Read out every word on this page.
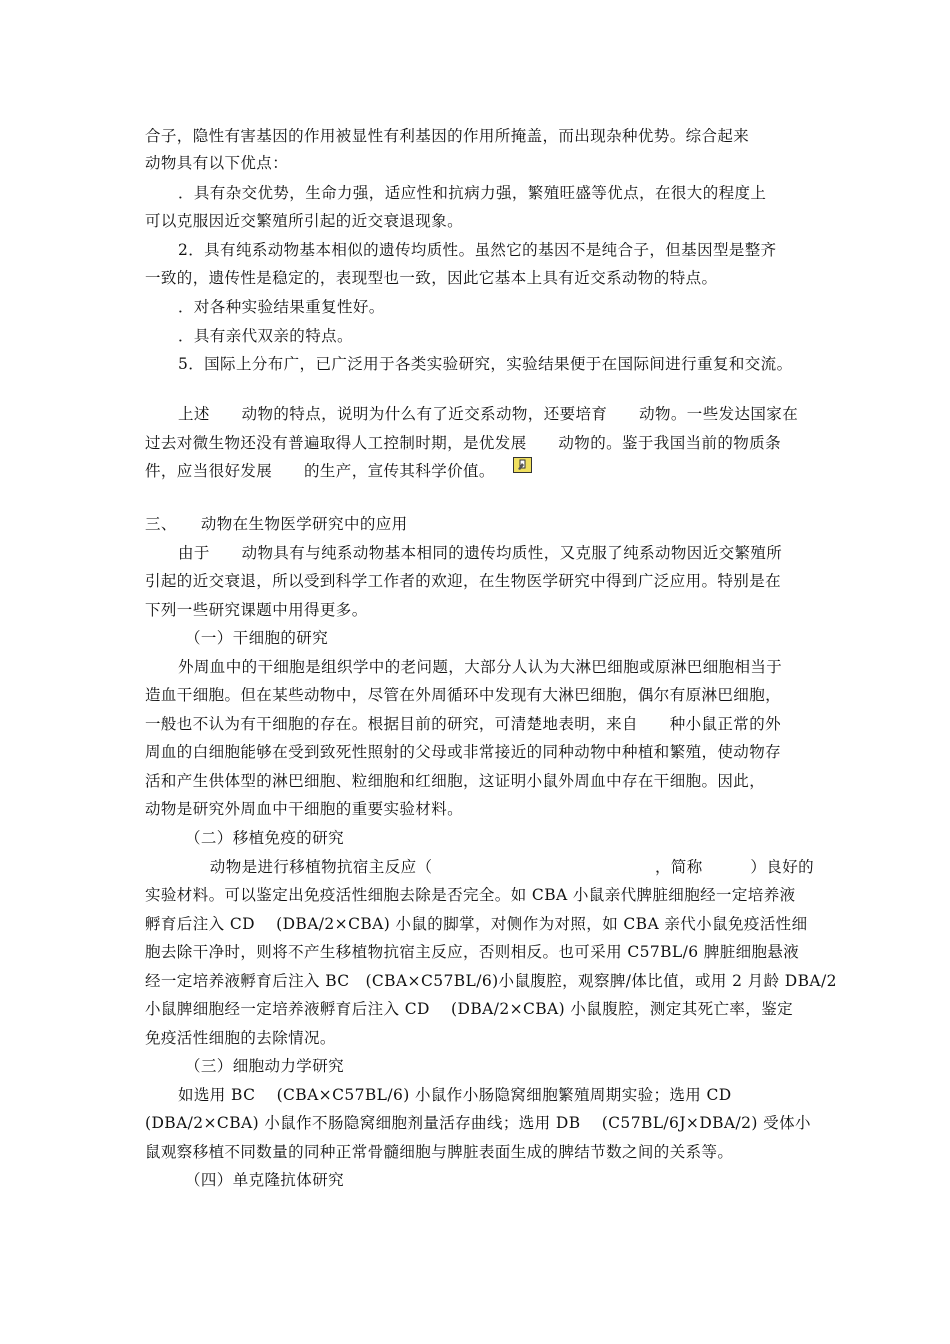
合子，隐性有害基因的作用被显性有利基因的作用所掩盖，而出现杂种优势。综合起来
动物具有以下优点：
．具有杂交优势，生命力强，适应性和抗病力强，繁殖旺盛等优点，在很大的程度上
可以克服因近交繁殖所引起的近交衰退现象。
2．具有纯系动物基本相似的遗传均质性。虽然它的基因不是纯合子，但基因型是整齐
一致的，遗传性是稳定的，表现型也一致，因此它基本上具有近交系动物的特点。
．对各种实验结果重复性好。
．具有亲代双亲的特点。
5．国际上分布广，已广泛用于各类实验研究，实验结果便于在国际间进行重复和交流。
上述　　动物的特点，说明为什么有了近交系动物，还要培育　　动物。一些发达国家在
过去对微生物还没有普遍取得人工控制时期，是优发展　　动物的。鉴于我国当前的物质条
件，应当很好发展　　的生产，宣传其科学价值。
三、　　动物在生物医学研究中的应用
由于　　动物具有与纯系动物基本相同的遗传均质性，又克服了纯系动物因近交繁殖所
引起的近交衰退，所以受到科学工作者的欢迎，在生物医学研究中得到广泛应用。特别是在
下列一些研究课题中用得更多。
（一）干细胞的研究
外周血中的干细胞是组织学中的老问题，大部分人认为大淋巴细胞或原淋巴细胞相当于
造血干细胞。但在某些动物中，尽管在外周循环中发现有大淋巴细胞，偶尔有原淋巴细胞，
一般也不认为有干细胞的存在。根据目前的研究，可清楚地表明，来自　　种小鼠正常的外
周血的白细胞能够在受到致死性照射的父母或非常接近的同种动物中种植和繁殖，使动物存
活和产生供体型的淋巴细胞、粒细胞和红细胞，这证明小鼠外周血中存在干细胞。因此，
动物是研究外周血中干细胞的重要实验材料。
（二）移植免疫的研究
　　动物是进行移植物抗宿主反应（　　　　　　　　　　　　　　，简称　　　）良好的
实验材料。可以鉴定出免疫活性细胞去除是否完全。如 CBA 小鼠亲代脾脏细胞经一定培养液
孵育后注入 CD　 (DBA/2×CBA) 小鼠的脚掌，对侧作为对照，如 CBA 亲代小鼠免疫活性细
胞去除干净时，则将不产生移植物抗宿主反应，否则相反。也可采用 C57BL/6 脾脏细胞悬液
经一定培养液孵育后注入 BC　(CBA×C57BL/6)小鼠腹腔，观察脾/体比值，或用 2 月龄 DBA/2
小鼠脾细胞经一定培养液孵育后注入 CD　 (DBA/2×CBA) 小鼠腹腔，测定其死亡率，鉴定
免疫活性细胞的去除情况。
（三）细胞动力学研究
如选用 BC　 (CBA×C57BL/6) 小鼠作小肠隐窝细胞繁殖周期实验；选用 CD
(DBA/2×CBA) 小鼠作不肠隐窝细胞剂量活存曲线；选用 DB　 (C57BL/6J×DBA/2) 受体小
鼠观察移植不同数量的同种正常骨髓细胞与脾脏表面生成的脾结节数之间的关系等。
（四）单克隆抗体研究
